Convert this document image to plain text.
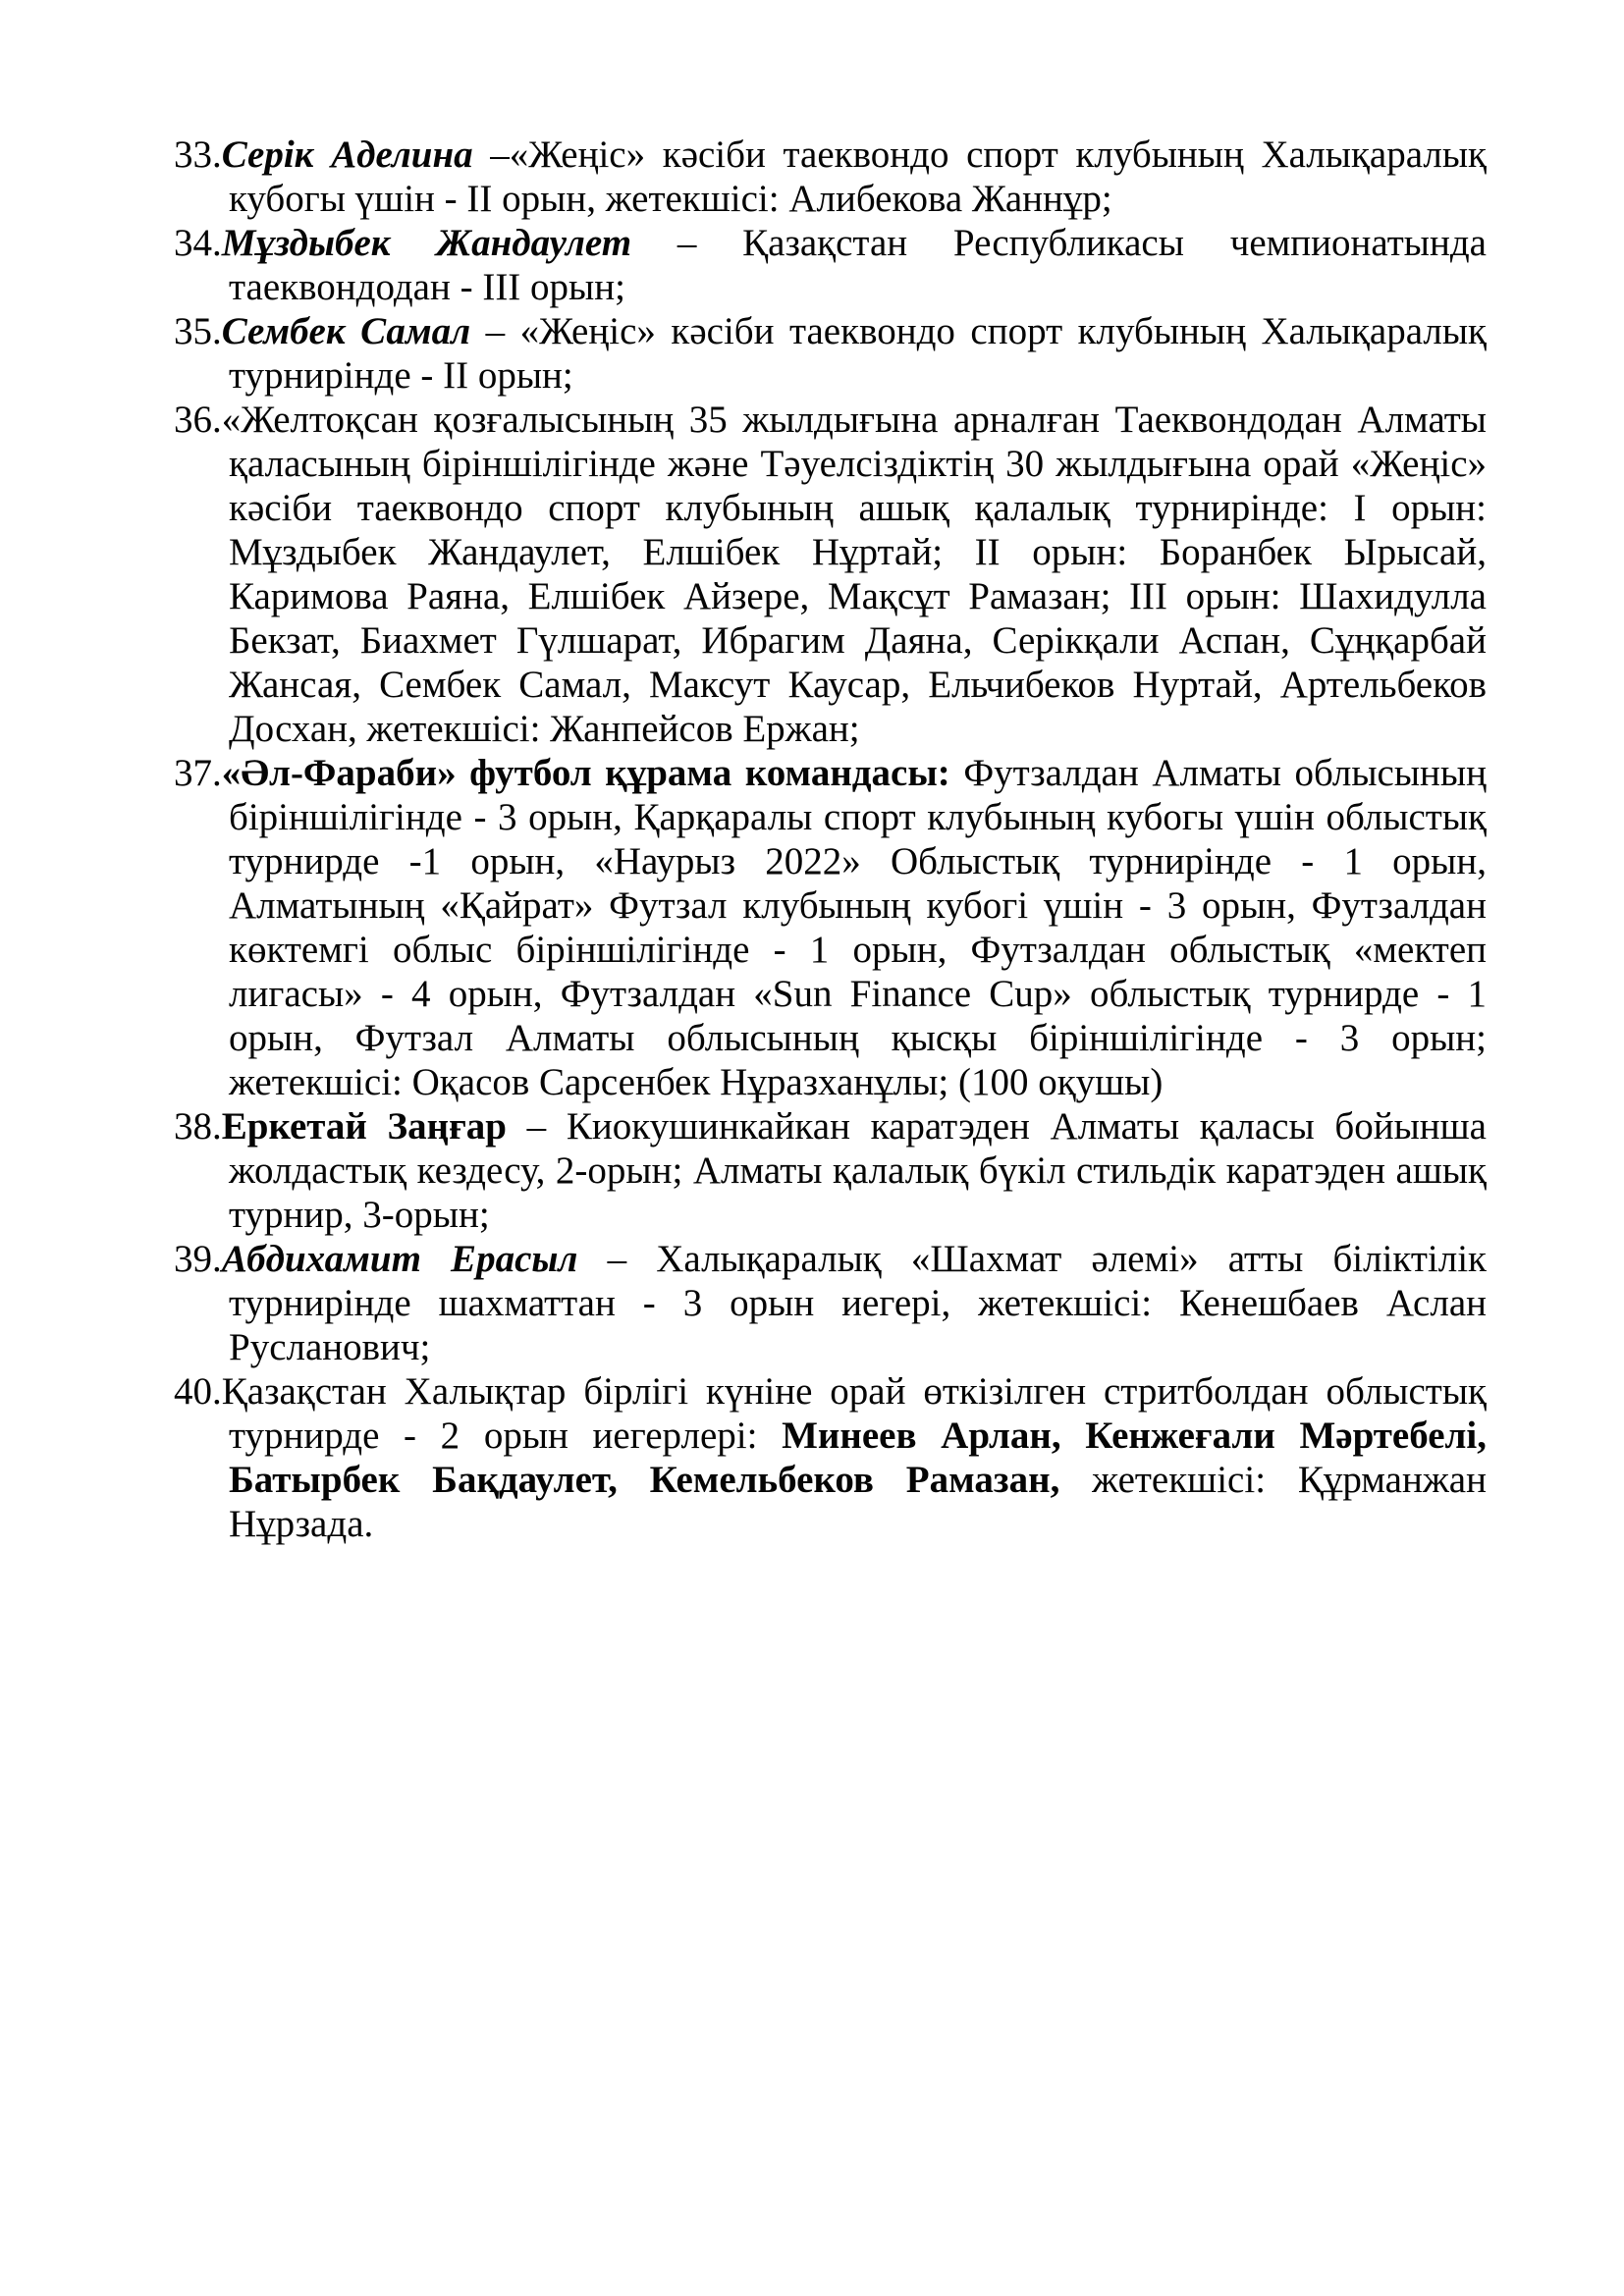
33.Серік Аделина –«Жеңіс» кәсіби таеквондо спорт клубының Халықаралық кубогы үшін - II орын, жетекшісі: Алибекова Жаннұр;

34.Мұздыбек Жандаулет – Қазақстан Республикасы чемпионатында таеквондодан - III орын;

35.Сембек Самал – «Жеңіс» кәсіби таеквондо спорт клубының Халықаралық турнирінде - II орын;

36.«Желтоқсан қозғалысының 35 жылдығына арналған Таеквондодан Алматы қаласының біріншілігінде және Тәуелсіздіктің 30 жылдығына орай «Жеңіс» кәсіби таеквондо спорт клубының ашық қалалық турнирінде: I орын: Мұздыбек Жандаулет, Елшібек Нұртай; II орын: Боранбек Ырысай, Каримова Раяна, Елшібек Айзере, Мақсұт Рамазан; III орын: Шахидулла Бекзат, Биахмет Гүлшарат, Ибрагим Даяна, Серікқали Аспан, Сұңқарбай Жансая, Сембек Самал, Максут Каусар, Ельчибеков Нуртай, Артельбеков Досхан, жетекшісі: Жанпейсов Ержан;

37.«Әл-Фараби» футбол құрама командасы: Футзалдан Алматы облысының біріншілігінде - 3 орын, Қарқаралы спорт клубының кубогы үшін облыстық турнирде -1 орын, «Наурыз 2022» Облыстық турнирінде - 1 орын, Алматының «Қайрат» Футзал клубының кубогі үшін - 3 орын, Футзалдан көктемгі облыс біріншілігінде - 1 орын, Футзалдан облыстық «мектеп лигасы» - 4 орын, Футзалдан «Sun Finance Cup» облыстық турнирде - 1 орын, Футзал Алматы облысының қысқы біріншілігінде - 3 орын; жетекшісі: Оқасов Сарсенбек Нұразханұлы; (100 оқушы)

38.Еркетай Заңғар – Киокушинкайкан каратэден Алматы қаласы бойынша жолдастық кездесу, 2-орын; Алматы қалалық бүкіл стильдік каратэден ашық турнир, 3-орын;

39.Абдихамит Ерасыл – Халықаралық «Шахмат әлемі» атты біліктілік турнирінде шахматтан - 3 орын иегері, жетекшісі: Кенешбаев Аслан Русланович;

40.Қазақстан Халықтар бірлігі күніне орай өткізілген стритболдан облыстық турнирде - 2 орын иегерлері: Минеев Арлан, Кенжеғали Мәртебелі, Батырбек Бақдаулет, Кемельбеков Рамазан, жетекшісі: Құрманжан Нұрзада.
